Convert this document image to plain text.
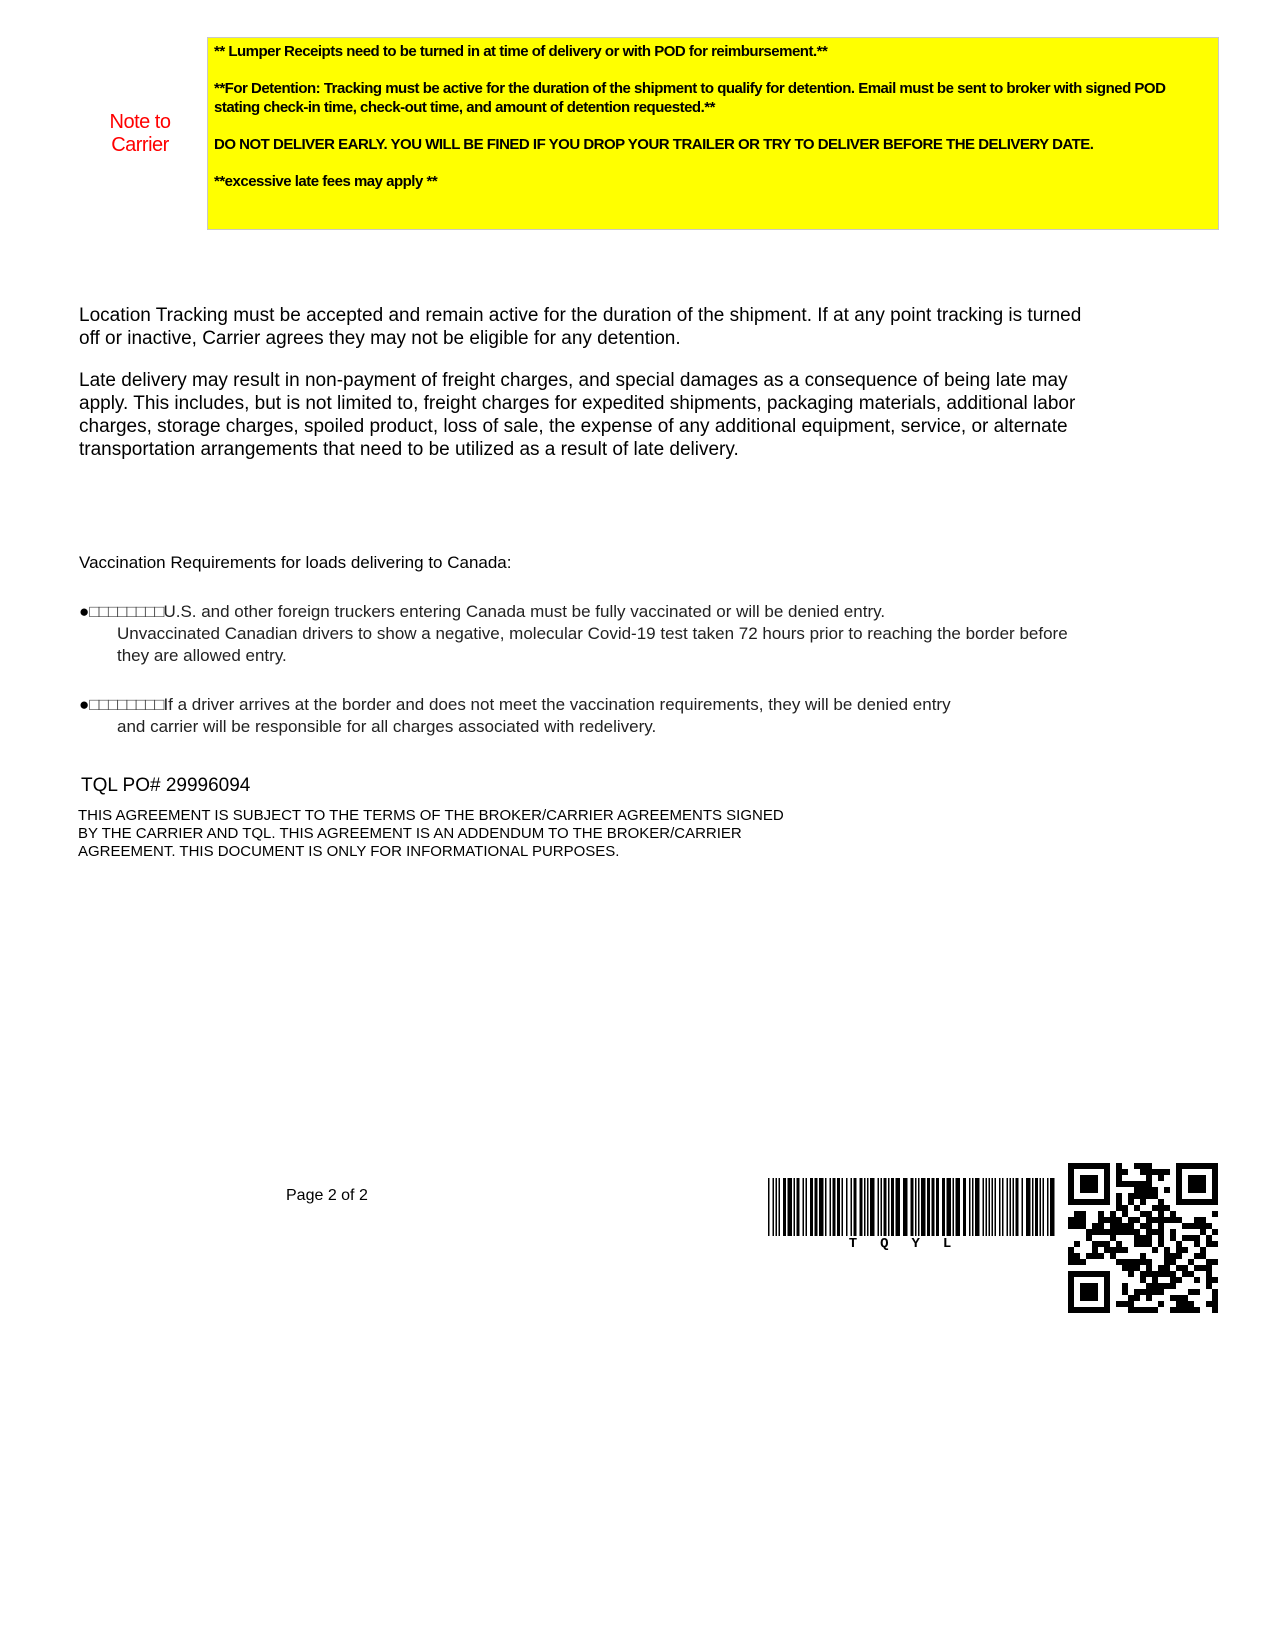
Note to Carrier

** Lumper Receipts need to be turned in at time of delivery or with POD for reimbursement.**

**For Detention: Tracking must be active for the duration of the shipment to qualify for detention. Email must be sent to broker with signed POD stating check-in time, check-out time, and amount of detention requested.**

DO NOT DELIVER EARLY. YOU WILL BE FINED IF YOU DROP YOUR TRAILER OR TRY TO DELIVER BEFORE THE DELIVERY DATE.

**excessive late fees may apply **

Location Tracking must be accepted and remain active for the duration of the shipment. If at any point tracking is turned off or inactive, Carrier agrees they may not be eligible for any detention.

Late delivery may result in non-payment of freight charges, and special damages as a consequence of being late may apply. This includes, but is not limited to, freight charges for expedited shipments, packaging materials, additional labor charges, storage charges, spoiled product, loss of sale, the expense of any additional equipment, service, or alternate transportation arrangements that need to be utilized as a result of late delivery.

Vaccination Requirements for loads delivering to Canada:

●□□□□□□□□U.S. and other foreign truckers entering Canada must be fully vaccinated or will be denied entry.
Unvaccinated Canadian drivers to show a negative, molecular Covid-19 test taken 72 hours prior to reaching the border before they are allowed entry.
●□□□□□□□□If a driver arrives at the border and does not meet the vaccination requirements, they will be denied entry
and carrier will be responsible for all charges associated with redelivery.
TQL PO# 29996094
THIS AGREEMENT IS SUBJECT TO THE TERMS OF THE BROKER/CARRIER AGREEMENTS SIGNED BY THE CARRIER AND TQL. THIS AGREEMENT IS AN ADDENDUM TO THE BROKER/CARRIER AGREEMENT. THIS DOCUMENT IS ONLY FOR INFORMATIONAL PURPOSES.
Page 2 of 2
TQYL
